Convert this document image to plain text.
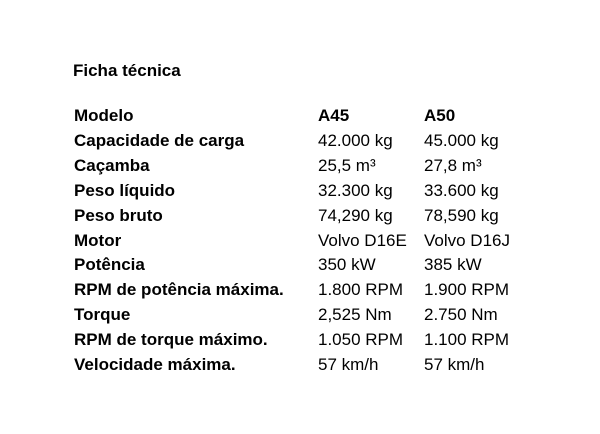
Ficha técnica
Modelo	A45	A50
Capacidade de carga	42.000 kg	45.000 kg
Caçamba	25,5 m³	27,8 m³
Peso líquido	32.300 kg	33.600 kg
Peso bruto	74,290 kg	78,590 kg
Motor	Volvo D16E	Volvo D16J
Potência	350 kW	385 kW
RPM de potência máxima.	1.800 RPM	1.900 RPM
Torque	2,525 Nm	2.750 Nm
RPM de torque máximo.	1.050 RPM	1.100 RPM
Velocidade máxima.	57 km/h	57 km/h
